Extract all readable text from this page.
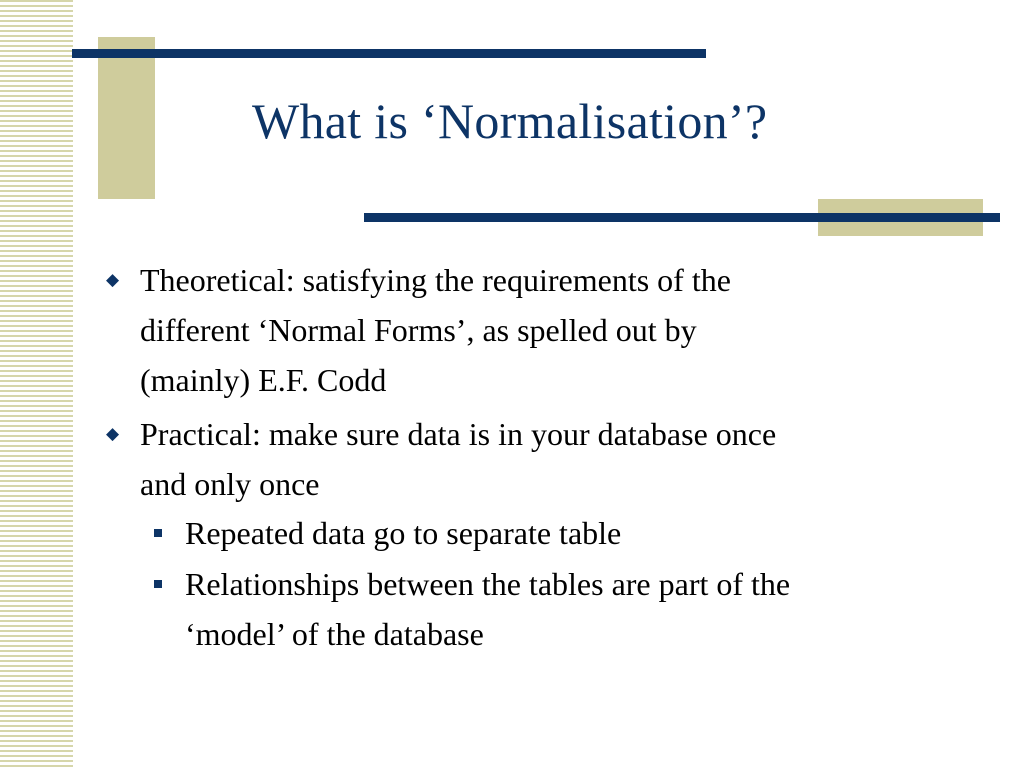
What is ‘Normalisation’?
◆ Theoretical: satisfying the requirements of the
different ‘Normal Forms’, as spelled out by
(mainly) E.F. Codd
◆ Practical: make sure data is in your database once
and only once
Repeated data go to separate table
Relationships between the tables are part of the
‘model’ of the database
